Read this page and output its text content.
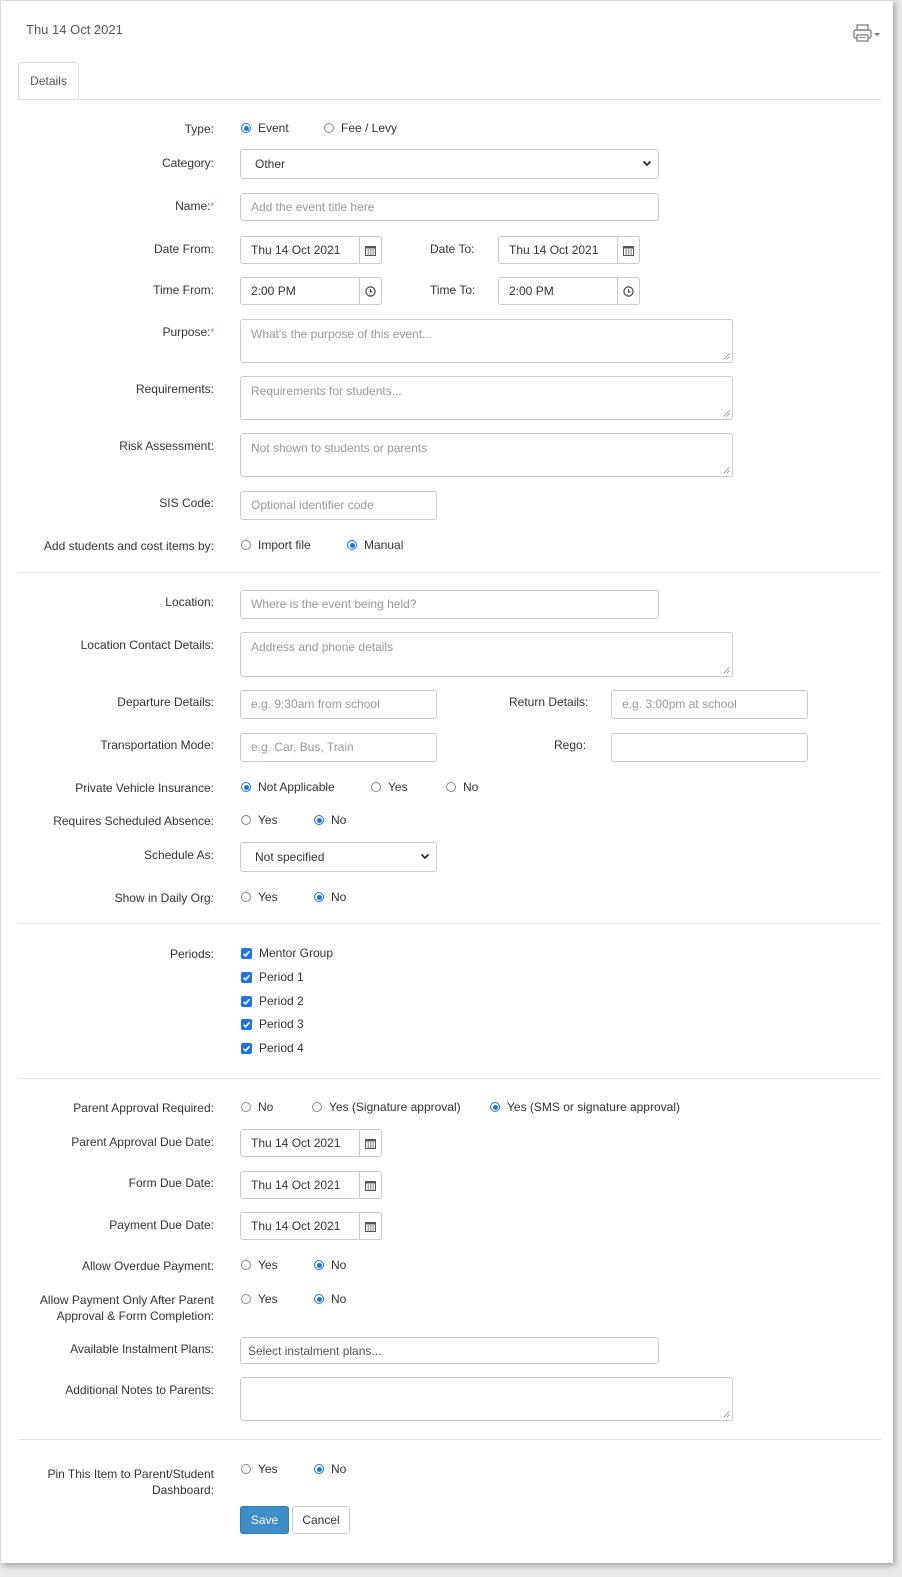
Thu 14 Oct 2021
Details
Type:	Event	Fee / Levy
Category:	Other
Name:*	Add the event title here
Date From:	Thu 14 Oct 2021	Date To:	Thu 14 Oct 2021
Time From:	2:00 PM	Time To:	2:00 PM
Purpose:*	What's the purpose of this event...
Requirements:	Requirements for students...
Risk Assessment:	Not shown to students or parents
SIS Code:	Optional identifier code
Add students and cost items by:	Import file	Manual
Location:	Where is the event being held?
Location Contact Details:	Address and phone details
Departure Details:	e.g. 9:30am from school	Return Details:	e.g. 3:00pm at school
Transportation Mode:	e.g. Car, Bus, Train	Rego:
Private Vehicle Insurance:	Not Applicable	Yes	No
Requires Scheduled Absence:	Yes	No
Schedule As:	Not specified
Show in Daily Org:	Yes	No
Periods:	Mentor Group
Period 1
Period 2
Period 3
Period 4
Parent Approval Required:	No	Yes (Signature approval)	Yes (SMS or signature approval)
Parent Approval Due Date:	Thu 14 Oct 2021
Form Due Date:	Thu 14 Oct 2021
Payment Due Date:	Thu 14 Oct 2021
Allow Overdue Payment:	Yes	No
Allow Payment Only After Parent
Approval & Form Completion:
Yes	No
Available Instalment Plans:	Select instalment plans...
Additional Notes to Parents:
Pin This Item to Parent/Student
Dashboard:
Yes	No
Save	Cancel
